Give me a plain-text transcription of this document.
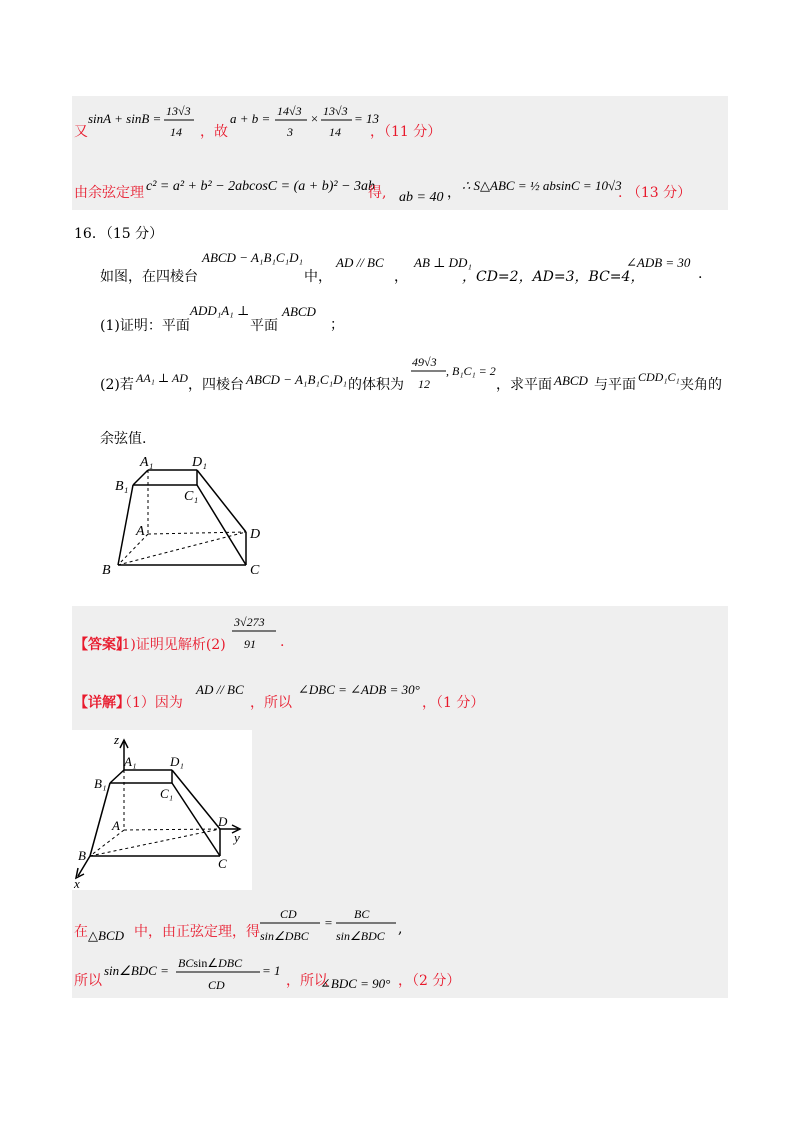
又
sinA + sinB = 13√3
14 ，故
a + b = 14√3
3
× 13√3
14
= 13
，（11 分）
由余弦定理 c² = a² + b² − 2abcosC = (a + b)² − 3ab
得, ab = 40 ， ∴ S△ABC = ½ absinC = 10√3
. （13 分）
16．（15 分）
如图，在四棱台
ABCD − A₁B₁C₁D₁
中，
AD // BC
，
AB ⊥ DD₁
，CD=2，AD=3，BC=4，
∠ADB = 30
.
(1)证明：平面
ADD₁A₁ ⊥
平面
ABCD
；
(2)若 AA₁ ⊥ AD ，四棱台 ABCD − A₁B₁C₁D₁ 的体积为
49√3
12
, B₁C₁ = 2
，求平面 ABCD 与平面 CDD₁C₁ 夹角的
余弦值.
A₁	D₁
B₁
C₁
A	D
B	C
【答案】
(1)证明见解析(2)
3√273
91 .
【详解】
（1）因为
AD // BC
，所以
∠DBC = ∠ADB = 30°
，（1 分）
z
A₁	D₁
B₁
C₁
A	D
y
B
C
x
在 △BCD 中，由正弦定理，得
CD
sin∠DBC
=
BC
sin∠BDC ,
所以
sin∠BDC = BCsin∠DBC
CD
= 1
，所以
∠BDC = 90° ，（2 分）
